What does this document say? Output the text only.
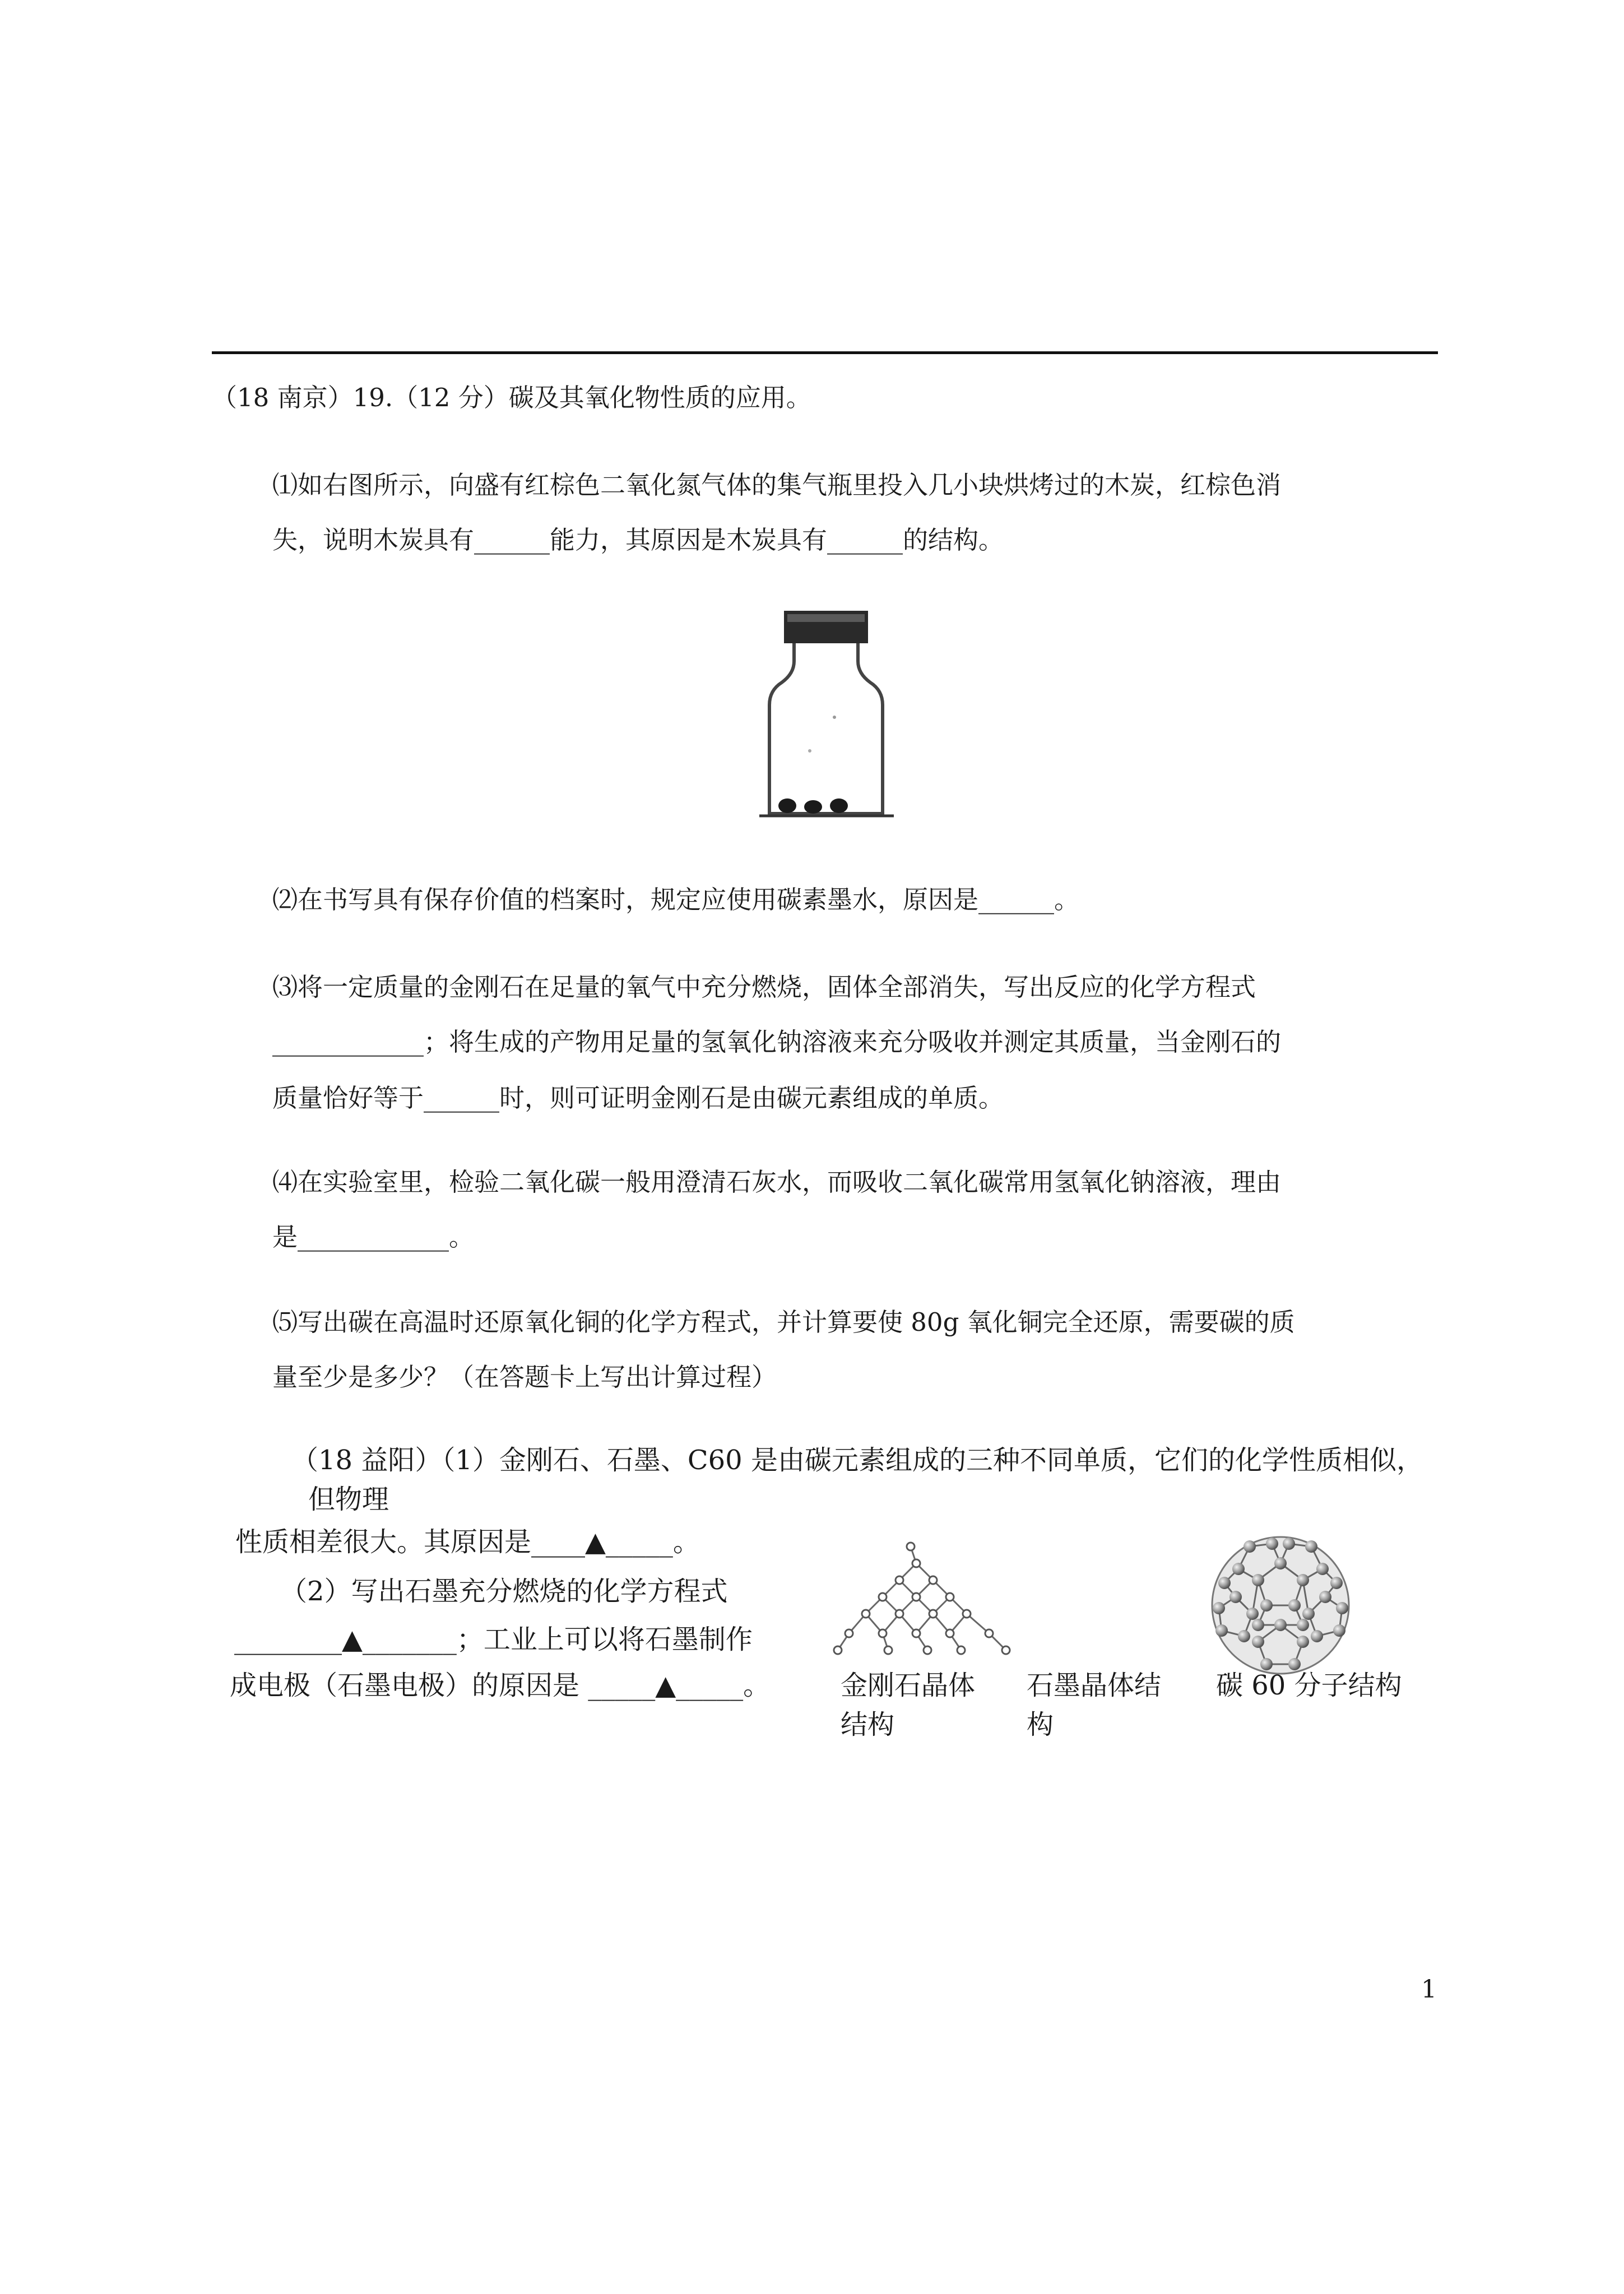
（18 南京）19.（12 分）碳及其氧化物性质的应用。
⑴如右图所示，向盛有红棕色二氧化氮气体的集气瓶里投入几小块烘烤过的木炭，红棕色消
失，说明木炭具有______能力，其原因是木炭具有______的结构。
⑵在书写具有保存价值的档案时，规定应使用碳素墨水，原因是______。
⑶将一定质量的金刚石在足量的氧气中充分燃烧，固体全部消失，写出反应的化学方程式
____________；将生成的产物用足量的氢氧化钠溶液来充分吸收并测定其质量，当金刚石的
质量恰好等于______时，则可证明金刚石是由碳元素组成的单质。
⑷在实验室里，检验二氧化碳一般用澄清石灰水，而吸收二氧化碳常用氢氧化钠溶液，理由
是____________。
⑸写出碳在高温时还原氧化铜的化学方程式，并计算要使 80g 氧化铜完全还原，需要碳的质
量至少是多少？（在答题卡上写出计算过程）
（18 益阳）（1）金刚石、石墨、C60 是由碳元素组成的三种不同单质，它们的化学性质相似，
但物理
性质相差很大。其原因是____▲_____。
（2）写出石墨充分燃烧的化学方程式
________▲_______；工业上可以将石墨制作
成电极（石墨电极）的原因是 _____▲_____。	金刚石晶体
结构
石墨晶体结
构
碳 60 分子结构
1
